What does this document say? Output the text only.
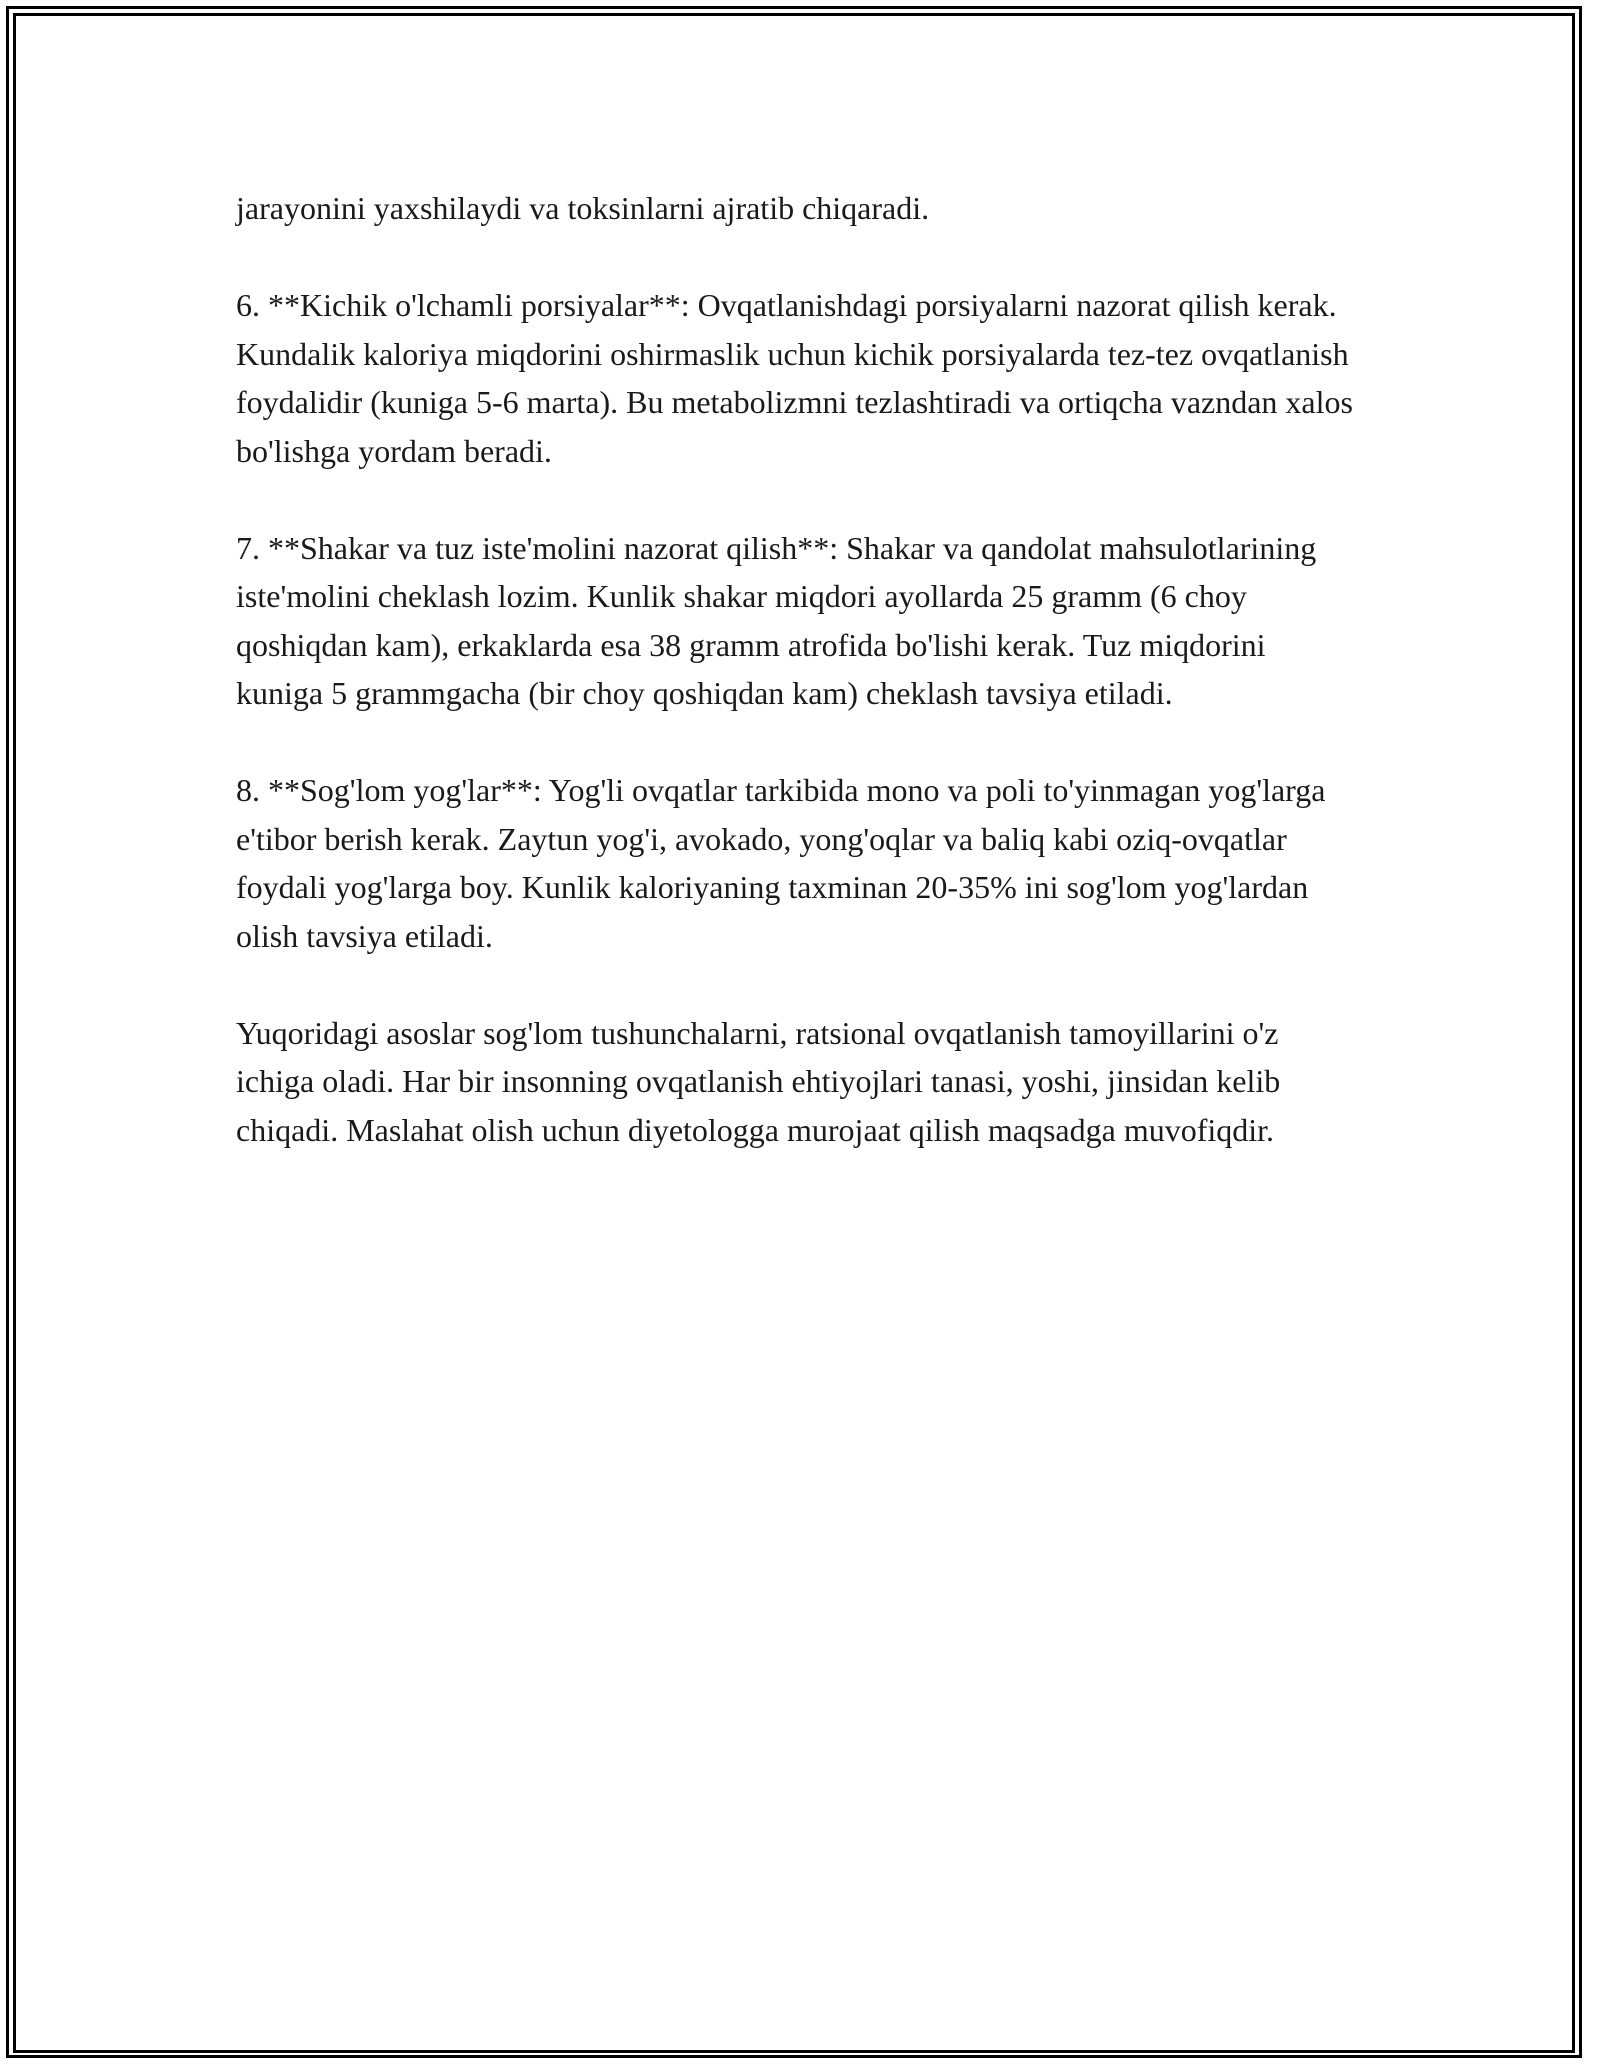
jarayonini yaxshilaydi va toksinlarni ajratib chiqaradi.

6. **Kichik o'lchamli porsiyalar**: Ovqatlanishdagi porsiyalarni nazorat qilish kerak. Kundalik kaloriya miqdorini oshirmaslik uchun kichik porsiyalarda tez-tez ovqatlanish foydalidir (kuniga 5-6 marta). Bu metabolizmni tezlashtiradi va ortiqcha vazndan xalos bo'lishga yordam beradi.

7. **Shakar va tuz iste'molini nazorat qilish**: Shakar va qandolat mahsulotlarining iste'molini cheklash lozim. Kunlik shakar miqdori ayollarda 25 gramm (6 choy qoshiqdan kam), erkaklarda esa 38 gramm atrofida bo'lishi kerak. Tuz miqdorini kuniga 5 grammgacha (bir choy qoshiqdan kam) cheklash tavsiya etiladi.

8. **Sog'lom yog'lar**: Yog'li ovqatlar tarkibida mono va poli to'yinmagan yog'larga e'tibor berish kerak. Zaytun yog'i, avokado, yong'oqlar va baliq kabi oziq-ovqatlar foydali yog'larga boy. Kunlik kaloriyaning taxminan 20-35% ini sog'lom yog'lardan olish tavsiya etiladi.

Yuqoridagi asoslar sog'lom tushunchalarni, ratsional ovqatlanish tamoyillarini o'z ichiga oladi. Har bir insonning ovqatlanish ehtiyojlari tanasi, yoshi, jinsidan kelib chiqadi. Maslahat olish uchun diyetologga murojaat qilish maqsadga muvofiqdir.
